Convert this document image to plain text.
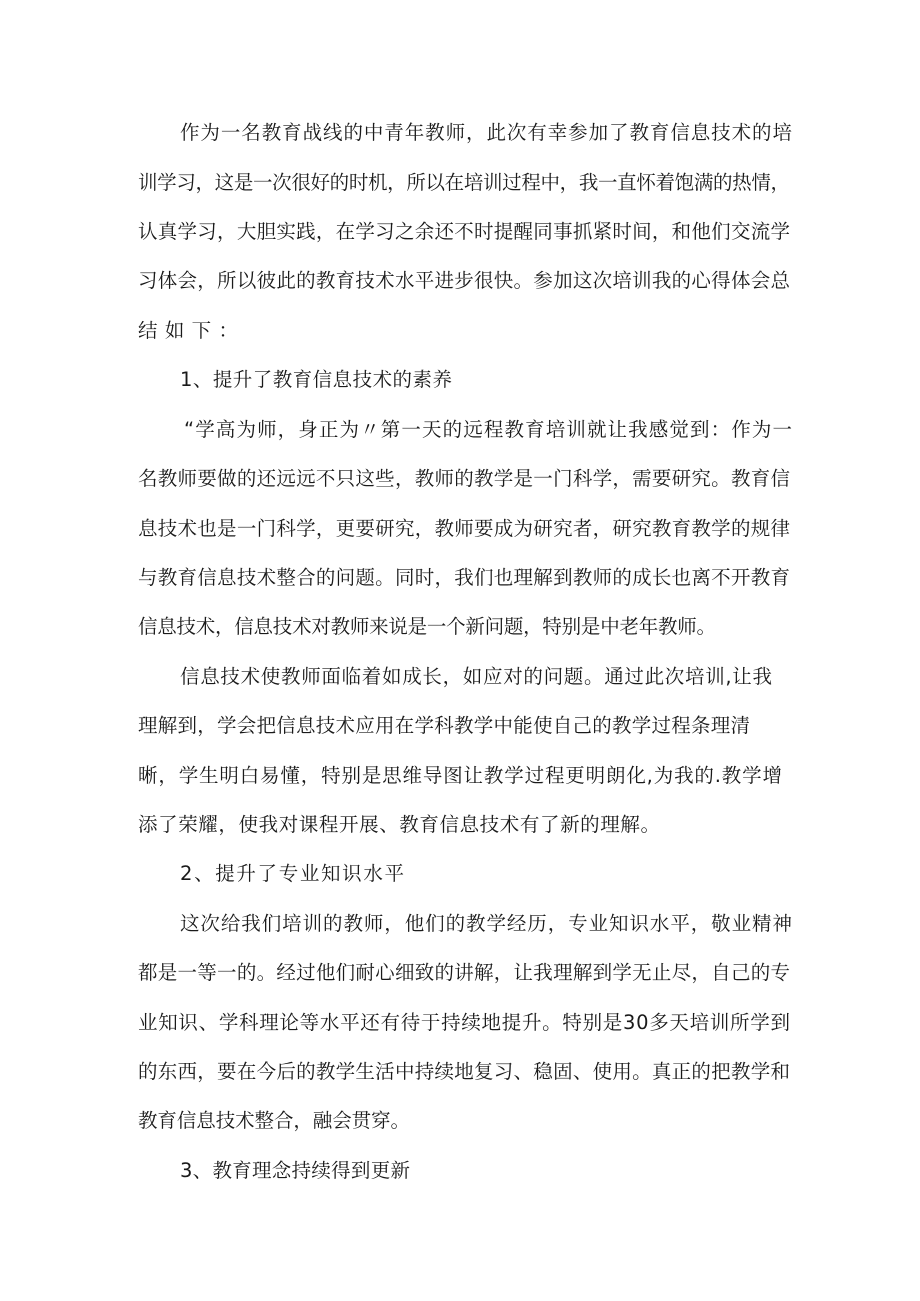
作为一名教育战线的中青年教师，此次有幸参加了教育信息技术的培
训学习，这是一次很好的时机，所以在培训过程中，我一直怀着饱满的热情，
认真学习，大胆实践，在学习之余还不时提醒同事抓紧时间，和他们交流学
习体会，所以彼此的教育技术水平进步很快。参加这次培训我的心得体会总
结如下：
1、提升了教育信息技术的素养
“学高为师，身正为〃第一天的远程教育培训就让我感觉到：作为一
名教师要做的还远远不只这些，教师的教学是一门科学，需要研究。教育信
息技术也是一门科学，更要研究，教师要成为研究者，研究教育教学的规律
与教育信息技术整合的问题。同时，我们也理解到教师的成长也离不开教育
信息技术，信息技术对教师来说是一个新问题，特别是中老年教师。
信息技术使教师面临着如成长，如应对的问题。通过此次培训,让我
理解到，学会把信息技术应用在学科教学中能使自己的教学过程条理清
晰，学生明白易懂，特别是思维导图让教学过程更明朗化,为我的.教学增
添了荣耀，使我对课程开展、教育信息技术有了新的理解。
2、提升了专业知识水平
这次给我们培训的教师，他们的教学经历，专业知识水平，敬业精神
都是一等一的。经过他们耐心细致的讲解，让我理解到学无止尽，自己的专
业知识、学科理论等水平还有待于持续地提升。特别是30多天培训所学到
的东西，要在今后的教学生活中持续地复习、稳固、使用。真正的把教学和
教育信息技术整合，融会贯穿。
3、教育理念持续得到更新
